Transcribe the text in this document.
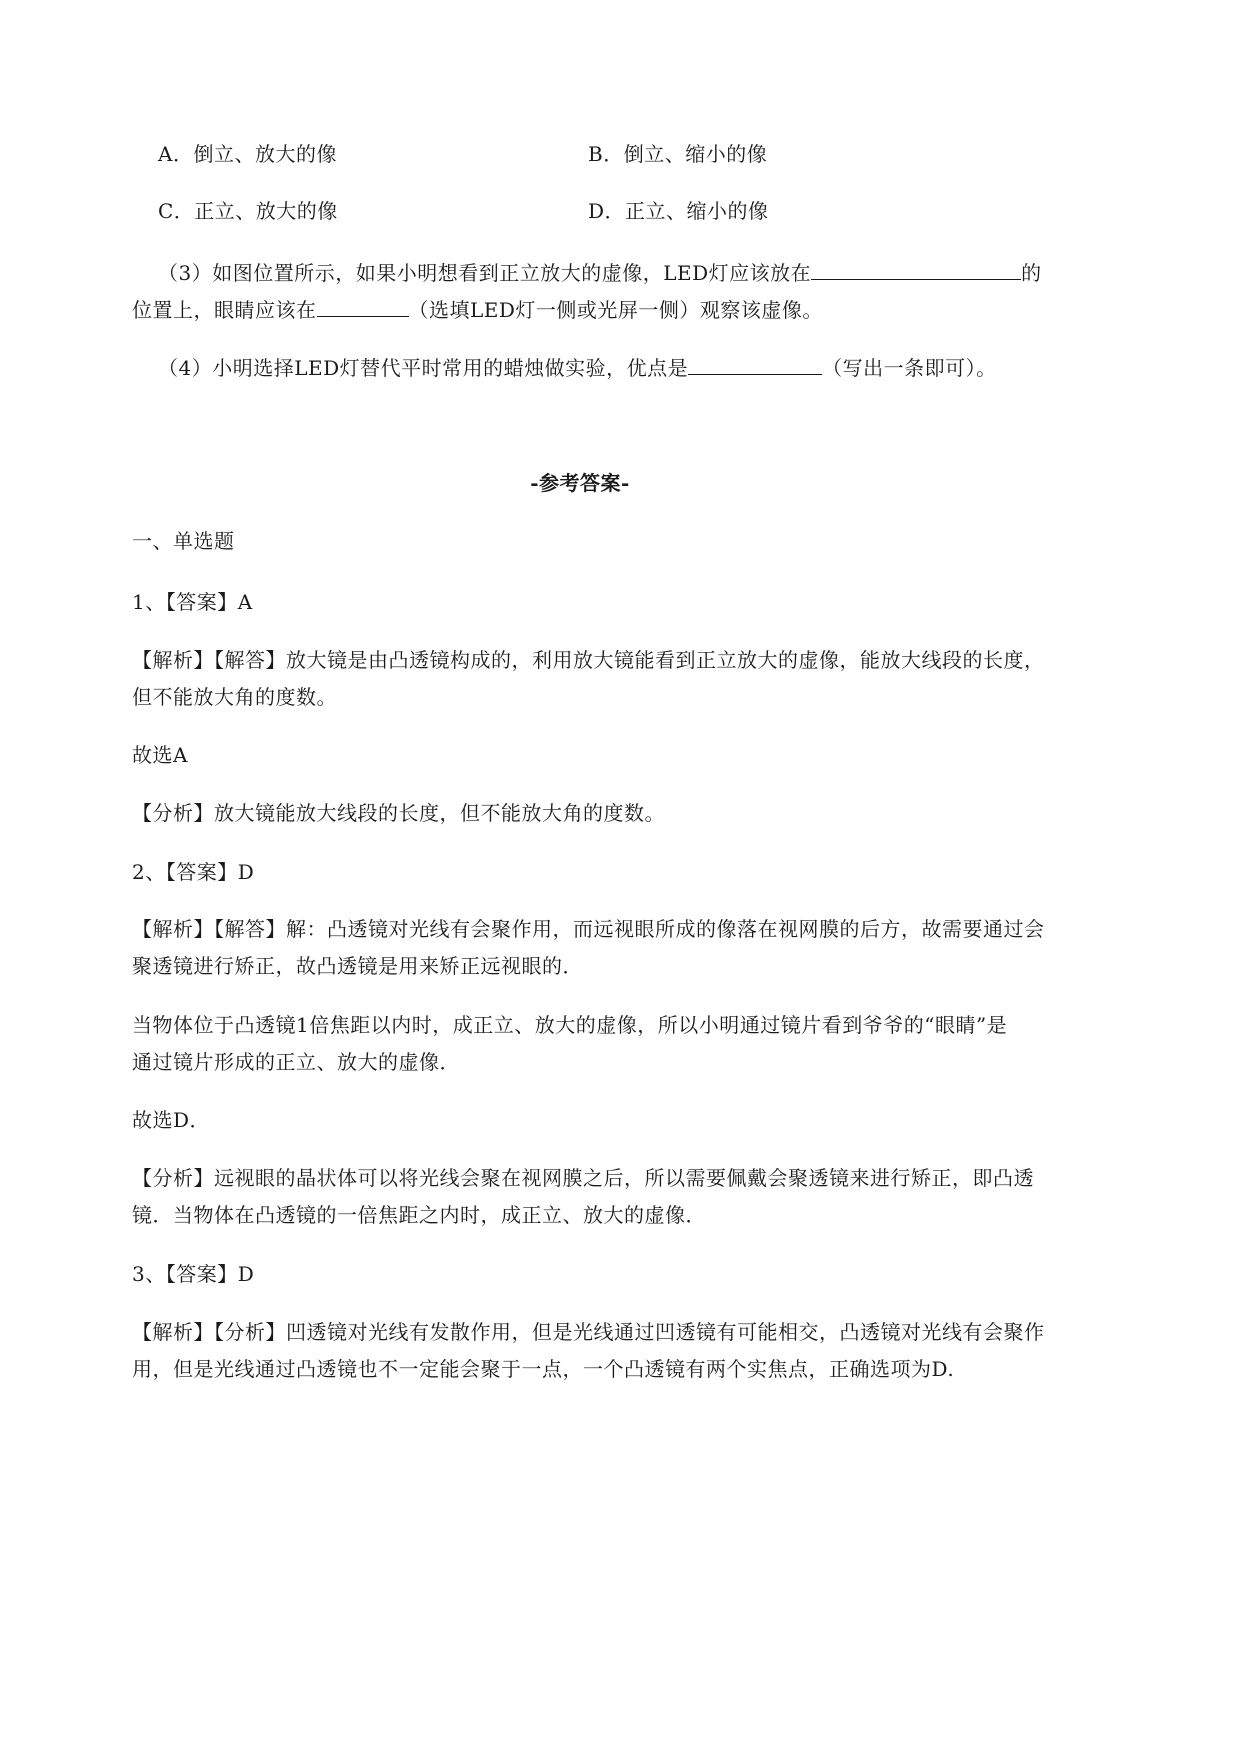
A．倒立、放大的像	B．倒立、缩小的像
C．正立、放大的像	D．正立、缩小的像
（3）如图位置所示，如果小明想看到正立放大的虚像，LED灯应该放在	的
位置上，眼睛应该在	（选填LED灯一侧或光屏一侧）观察该虚像。
（4）小明选择LED灯替代平时常用的蜡烛做实验，优点是	（写出一条即可）。
-参考答案-
一、单选题
1、【答案】A
【解析】【解答】放大镜是由凸透镜构成的，利用放大镜能看到正立放大的虚像，能放大线段的长度，
但不能放大角的度数。
故选A
【分析】放大镜能放大线段的长度，但不能放大角的度数。
2、【答案】D
【解析】【解答】解：凸透镜对光线有会聚作用，而远视眼所成的像落在视网膜的后方，故需要通过会
聚透镜进行矫正，故凸透镜是用来矫正远视眼的．
当物体位于凸透镜1倍焦距以内时，成正立、放大的虚像，所以小明通过镜片看到爷爷的“眼睛”是
通过镜片形成的正立、放大的虚像．
故选D．
【分析】远视眼的晶状体可以将光线会聚在视网膜之后，所以需要佩戴会聚透镜来进行矫正，即凸透
镜．当物体在凸透镜的一倍焦距之内时，成正立、放大的虚像．
3、【答案】D
【解析】【分析】凹透镜对光线有发散作用，但是光线通过凹透镜有可能相交，凸透镜对光线有会聚作
用，但是光线通过凸透镜也不一定能会聚于一点，一个凸透镜有两个实焦点，正确选项为D.
